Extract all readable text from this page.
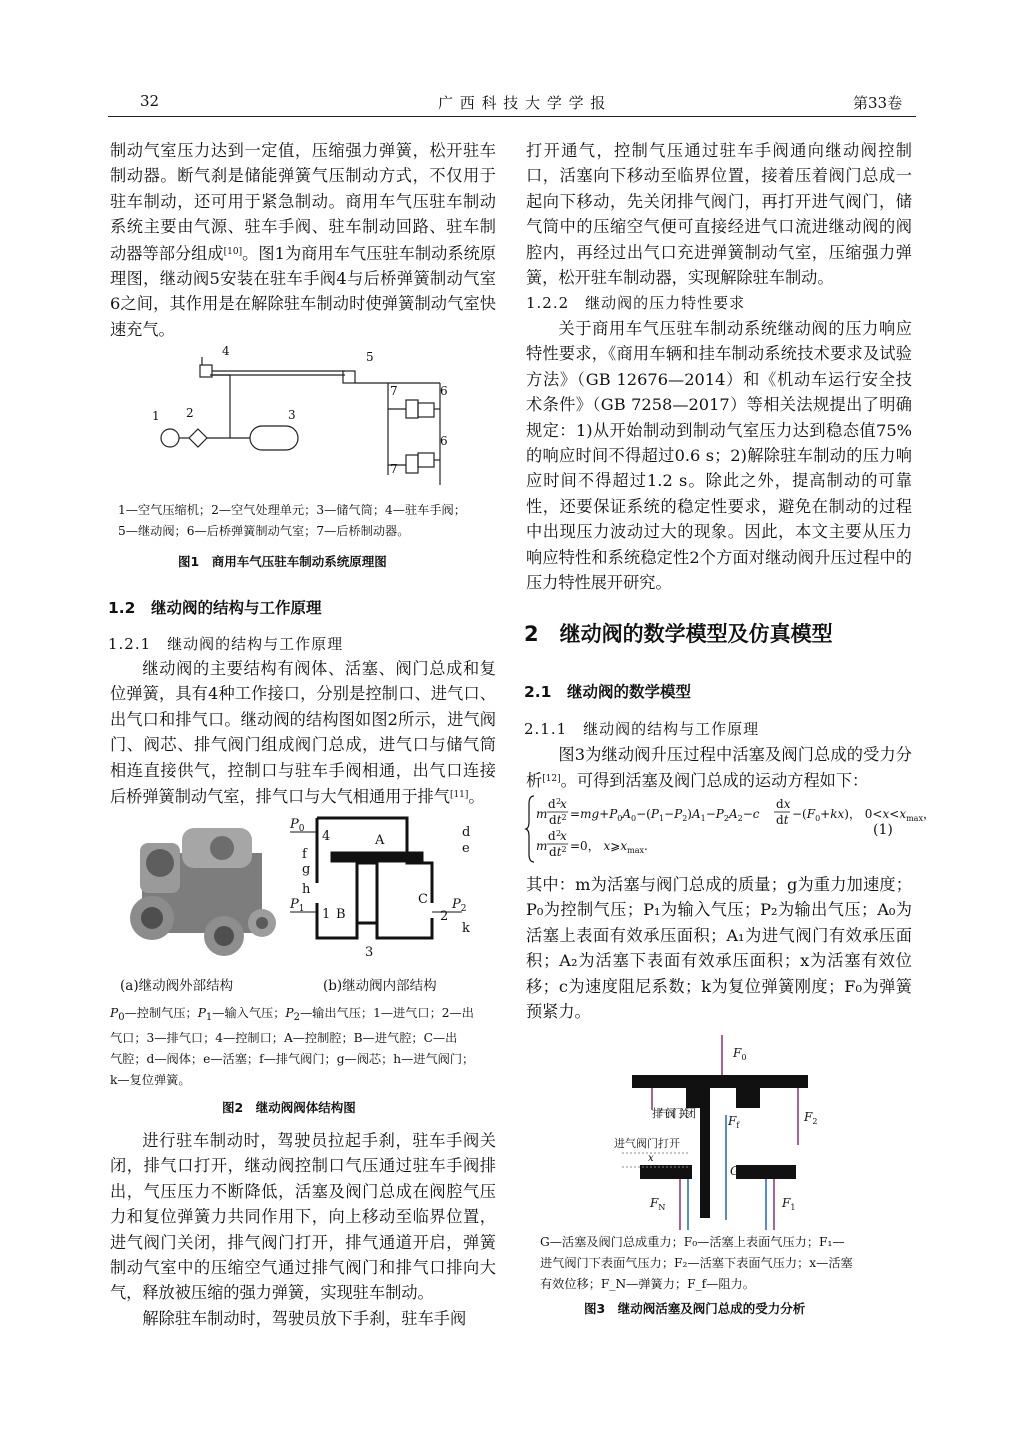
32	广 西 科 技 大 学 学 报	第33卷

制动气室压力达到一定值，压缩强力弹簧，松开驻车制动器。断气刹是储能弹簧气压制动方式，不仅用于驻车制动，还可用于紧急制动。商用车气压驻车制动系统主要由气源、驻车手阀、驻车制动回路、驻车制动器等部分组成[10]。图1为商用车气压驻车制动系统原理图，继动阀5安装在驻车手阀4与后桥弹簧制动气室6之间，其作用是在解除驻车制动时使弹簧制动气室快速充气。

1 2	3
4	5
6
7
6
7
1—空气压缩机；2—空气处理单元；3—储气筒；4—驻车手阀；
5—继动阀；6—后桥弹簧制动气室；7—后桥制动器。
图1　商用车气压驻车制动系统原理图
1.2　继动阀的结构与工作原理
1.2.1　继动阀的结构与工作原理

继动阀的主要结构有阀体、活塞、阀门总成和复位弹簧，具有4种工作接口，分别是控制口、进气口、出气口和排气口。继动阀的结构图如图2所示，进气阀门、阀芯、排气阀门组成阀门总成，进气口与储气筒相连直接供气，控制口与驻车手阀相通，出气口连接后桥弹簧制动气室，排气口与大气相通用于排气[11]。

$P_0$
$P_1$	$P_2$
4	A
d
e
f
g
h
1 B
C
2
k
3
(a)继动阀外部结构	(b)继动阀内部结构
$P_0—$控制气压；$P_1—$输入气压；$P_2—$输出气压；1—进气口；2—出
气口；3—排气口；4—控制口；A—控制腔；B—进气腔；C—出
气腔；d—阀体；e—活塞；f—排气阀门；g—阀芯；h—进气阀门；
k—复位弹簧。
图2　继动阀阀体结构图

进行驻车制动时，驾驶员拉起手刹，驻车手阀关闭，排气口打开，继动阀控制口气压通过驻车手阀排出，气压压力不断降低，活塞及阀门总成在阀腔气压力和复位弹簧力共同作用下，向上移动至临界位置，进气阀门关闭，排气阀门打开，排气通道开启，弹簧制动气室中的压缩空气通过排气阀门和排气口排向大气，释放被压缩的强力弹簧，实现驻车制动。

解除驻车制动时，驾驶员放下手刹，驻车手阀

打开通气，控制气压通过驻车手阀通向继动阀控制口，活塞向下移动至临界位置，接着压着阀门总成一起向下移动，先关闭排气阀门，再打开进气阀门，储气筒中的压缩空气便可直接经进气口流进继动阀的阀腔内，再经过出气口充进弹簧制动气室，压缩强力弹簧，松开驻车制动器，实现解除驻车制动。

1.2.2　继动阀的压力特性要求

关于商用车气压驻车制动系统继动阀的压力响应特性要求，《商用车辆和挂车制动系统技术要求及试验方法》（GB 12676—2014）和《机动车运行安全技术条件》（GB 7258—2017）等相关法规提出了明确规定：1)从开始制动到制动气室压力达到稳态值75%的响应时间不得超过0.6 s；2)解除驻车制动的压力响应时间不得超过1.2 s。除此之外，提高制动的可靠性，还要保证系统的稳定性要求，避免在制动的过程中出现压力波动过大的现象。因此，本文主要从压力响应特性和系统稳定性2个方面对继动阀升压过程中的压力特性展开研究。

2　继动阀的数学模型及仿真模型
2.1　继动阀的数学模型
2.1.1　继动阀的结构与工作原理

图3为继动阀升压过程中活塞及阀门总成的受力分析[12]。可得到活塞及阀门总成的运动方程如下：

m
d 2
x
$dt^2 =mg+P_0A_0-(P_1-P_2)A_1-P_2A_2-c$
dx
dt $-(F_0+kx)$， $0<x<x_{max}$，
m
d 2
x
$dt^2 =0$， $x⩾x_{max}$.
(1)

其中：m为活塞与阀门总成的质量；g为重力加速度；P₀为控制气压；P₁为输入气压；P₂为输出气压；A₀为活塞上表面有效承压面积；A₁为进气阀门有效承压面积；A₂为活塞下表面有效承压面积；x为活塞有效位移；c为速度阻尼系数；k为复位弹簧刚度；F₀为弹簧预紧力。

$F_0$
排气阀门关闭
进气阀门打开
$F_f$
$F_2$
x
G
$F_N$	$F_1$
G—活塞及阀门总成重力；F₀—活塞上表面气压力；F₁—
进气阀门下表面气压力；F₂—活塞下表面气压力；x—活塞
有效位移；F_N—弹簧力；F_f—阻力。
图3　继动阀活塞及阀门总成的受力分析
